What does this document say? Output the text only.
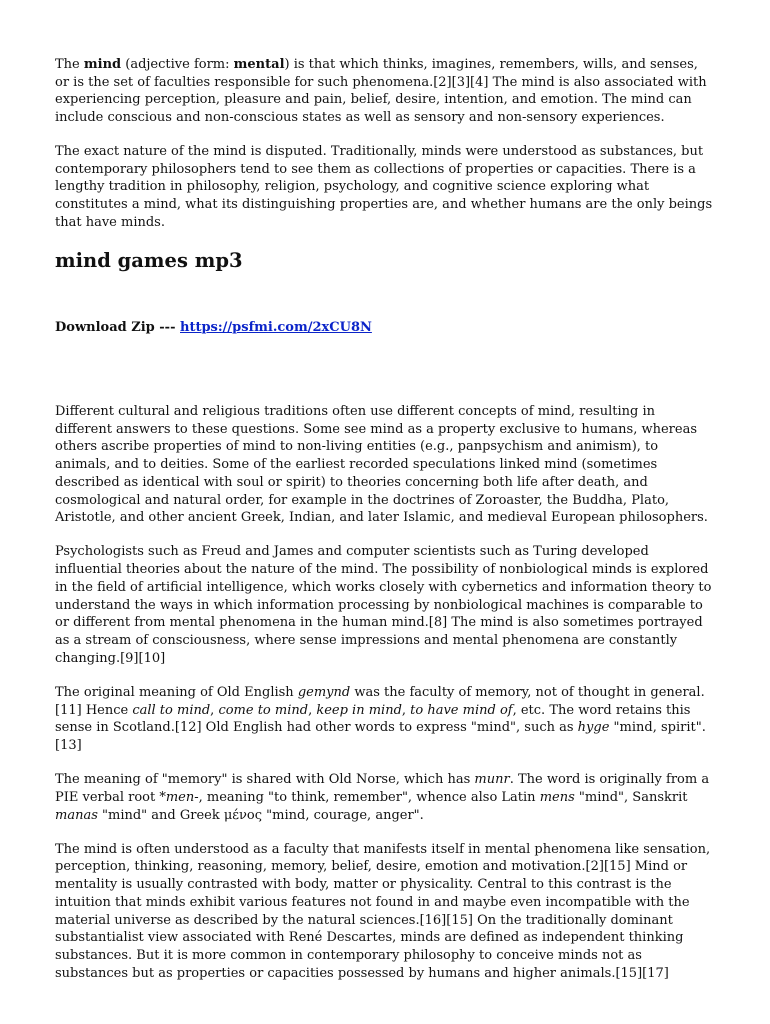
The mind (adjective form: mental) is that which thinks, imagines, remembers, wills, and senses, or is the set of faculties responsible for such phenomena.[2][3][4] The mind is also associated with experiencing perception, pleasure and pain, belief, desire, intention, and emotion. The mind can include conscious and non-conscious states as well as sensory and non-sensory experiences.

The exact nature of the mind is disputed. Traditionally, minds were understood as substances, but contemporary philosophers tend to see them as collections of properties or capacities. There is a lengthy tradition in philosophy, religion, psychology, and cognitive science exploring what constitutes a mind, what its distinguishing properties are, and whether humans are the only beings that have minds.

mind games mp3
Download Zip --- https://psfmi.com/2xCU8N

Different cultural and religious traditions often use different concepts of mind, resulting in different answers to these questions. Some see mind as a property exclusive to humans, whereas others ascribe properties of mind to non-living entities (e.g., panpsychism and animism), to animals, and to deities. Some of the earliest recorded speculations linked mind (sometimes described as identical with soul or spirit) to theories concerning both life after death, and cosmological and natural order, for example in the doctrines of Zoroaster, the Buddha, Plato, Aristotle, and other ancient Greek, Indian, and later Islamic, and medieval European philosophers.

Psychologists such as Freud and James and computer scientists such as Turing developed influential theories about the nature of the mind. The possibility of nonbiological minds is explored in the field of artificial intelligence, which works closely with cybernetics and information theory to understand the ways in which information processing by nonbiological machines is comparable to or different from mental phenomena in the human mind.[8] The mind is also sometimes portrayed as a stream of consciousness, where sense impressions and mental phenomena are constantly changing.[9][10]

The original meaning of Old English gemynd was the faculty of memory, not of thought in general.[11] Hence call to mind, come to mind, keep in mind, to have mind of, etc. The word retains this sense in Scotland.[12] Old English had other words to express "mind", such as hyge "mind, spirit".[13]

The meaning of "memory" is shared with Old Norse, which has munr. The word is originally from a PIE verbal root *men-, meaning "to think, remember", whence also Latin mens "mind", Sanskrit manas "mind" and Greek μένος "mind, courage, anger".

The mind is often understood as a faculty that manifests itself in mental phenomena like sensation, perception, thinking, reasoning, memory, belief, desire, emotion and motivation.[2][15] Mind or mentality is usually contrasted with body, matter or physicality. Central to this contrast is the intuition that minds exhibit various features not found in and maybe even incompatible with the material universe as described by the natural sciences.[16][15] On the traditionally dominant substantialist view associated with René Descartes, minds are defined as independent thinking substances. But it is more common in contemporary philosophy to conceive minds not as substances but as properties or capacities possessed by humans and higher animals.[15][17]
